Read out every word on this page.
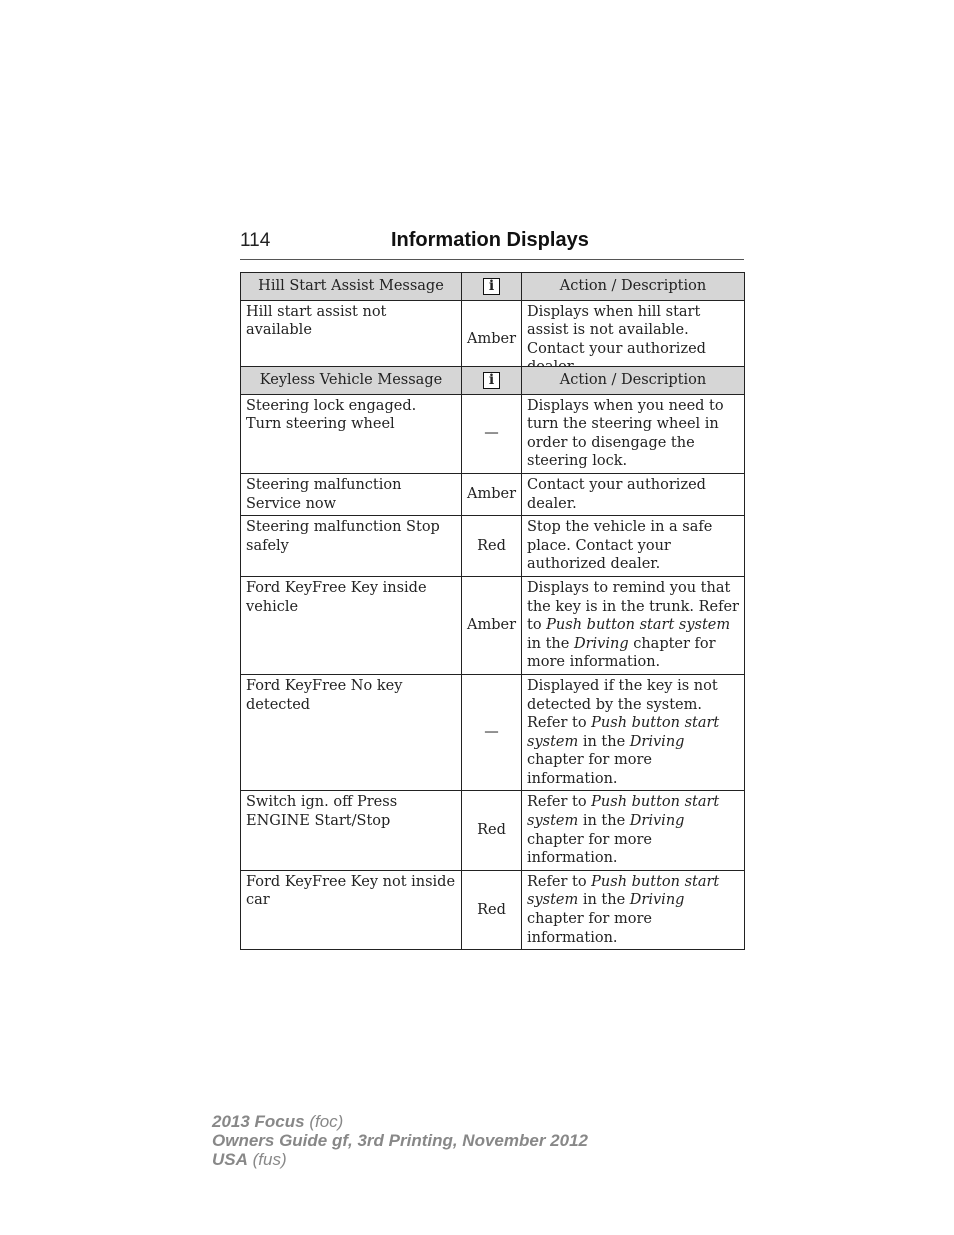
114	Information Displays
Hill Start Assist Message	i	Action / Description
Hill start assist not available	Amber	Displays when hill start assist is not available. Contact your authorized
Keyless Vehicle Message	i	Action / Description
Steering lock engaged. Turn steering wheel	—	Displays when you need to turn the steering wheel in order to disengage the steering lock.
Steering malfunction Service now	Amber	Contact your authorized dealer.
Steering malfunction Stop safely	Red	Stop the vehicle in a safe place. Contact your authorized dealer.
Ford KeyFree Key inside vehicle	Amber	Displays to remind you that the key is in the trunk. Refer to Push button start system in the Driving chapter for more information.
Ford KeyFree No key detected	—	Displayed if the key is not detected by the system. Refer to Push button start system in the Driving chapter for more information.
Switch ign. off Press ENGINE Start/Stop	Red	Refer to Push button start system in the Driving chapter for more information.
Ford KeyFree Key not inside car	Red	Refer to Push button start system in the Driving chapter for more information.
2013 Focus (foc)
Owners Guide gf, 3rd Printing, November 2012
USA (fus)
